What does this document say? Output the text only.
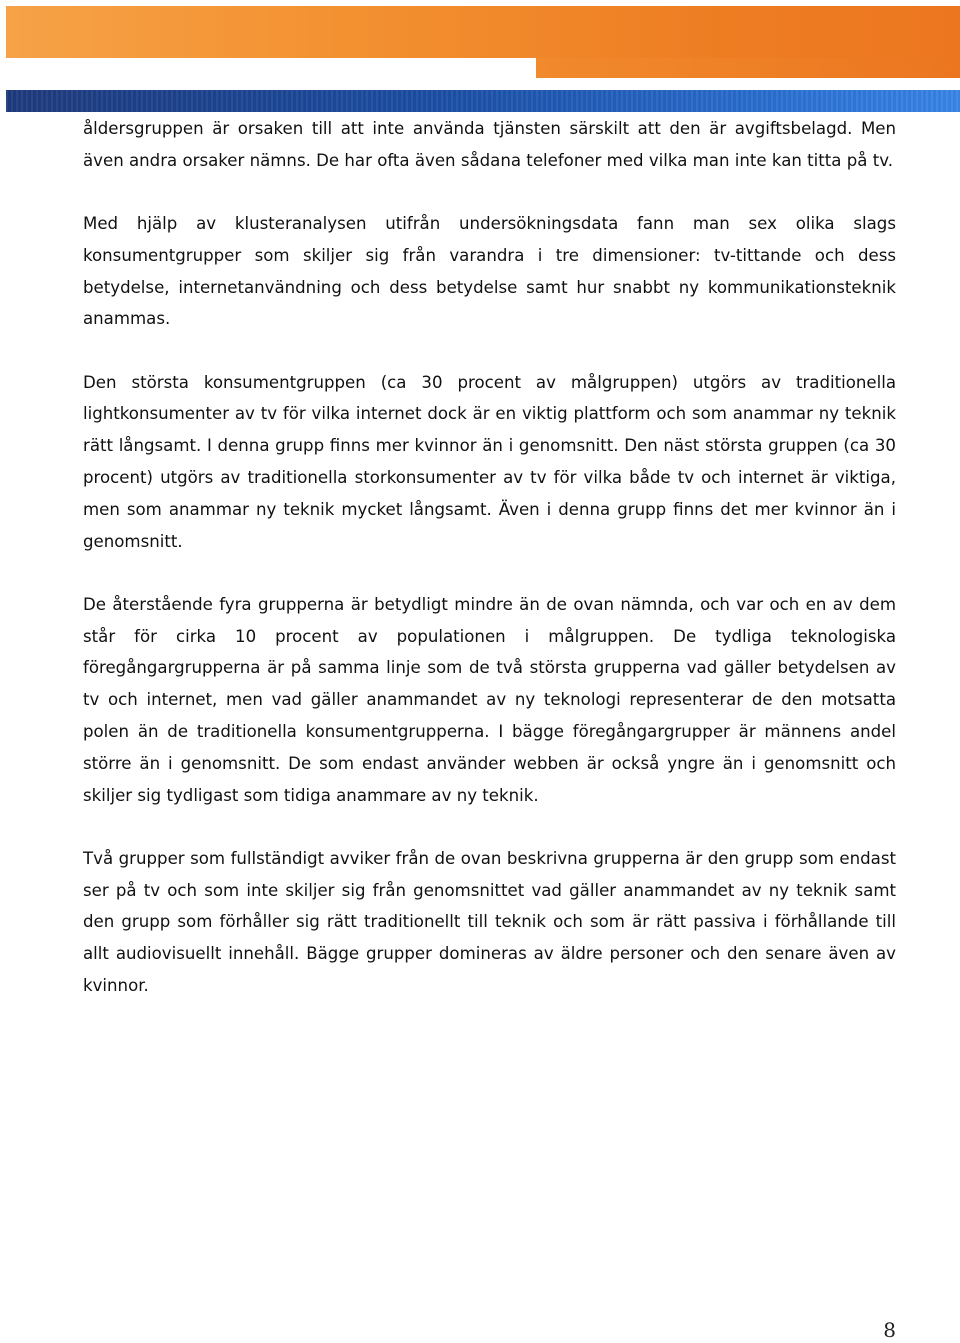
åldersgruppen är orsaken till att inte använda tjänsten särskilt att den är avgiftsbelagd. Men även andra orsaker nämns. De har ofta även sådana telefoner med vilka man inte kan titta på tv.

Med hjälp av klusteranalysen utifrån undersökningsdata fann man sex olika slags konsumentgrupper som skiljer sig från varandra i tre dimensioner: tv-tittande och dess betydelse, internetanvändning och dess betydelse samt hur snabbt ny kommunikationsteknik anammas.

Den största konsumentgruppen (ca 30 procent av målgruppen) utgörs av traditionella lightkonsumenter av tv för vilka internet dock är en viktig plattform och som anammar ny teknik rätt långsamt. I denna grupp finns mer kvinnor än i genomsnitt. Den näst största gruppen (ca 30 procent) utgörs av traditionella storkonsumenter av tv för vilka både tv och internet är viktiga, men som anammar ny teknik mycket långsamt. Även i denna grupp finns det mer kvinnor än i genomsnitt.

De återstående fyra grupperna är betydligt mindre än de ovan nämnda, och var och en av dem står för cirka 10 procent av populationen i målgruppen. De tydliga teknologiska föregångargrupperna är på samma linje som de två största grupperna vad gäller betydelsen av tv och internet, men vad gäller anammandet av ny teknologi representerar de den motsatta polen än de traditionella konsumentgrupperna. I bägge föregångargrupper är männens andel större än i genomsnitt. De som endast använder webben är också yngre än i genomsnitt och skiljer sig tydligast som tidiga anammare av ny teknik.

Två grupper som fullständigt avviker från de ovan beskrivna grupperna är den grupp som endast ser på tv och som inte skiljer sig från genomsnittet vad gäller anammandet av ny teknik samt den grupp som förhåller sig rätt traditionellt till teknik och som är rätt passiva i förhållande till allt audiovisuellt innehåll. Bägge grupper domineras av äldre personer och den senare även av kvinnor.

8
